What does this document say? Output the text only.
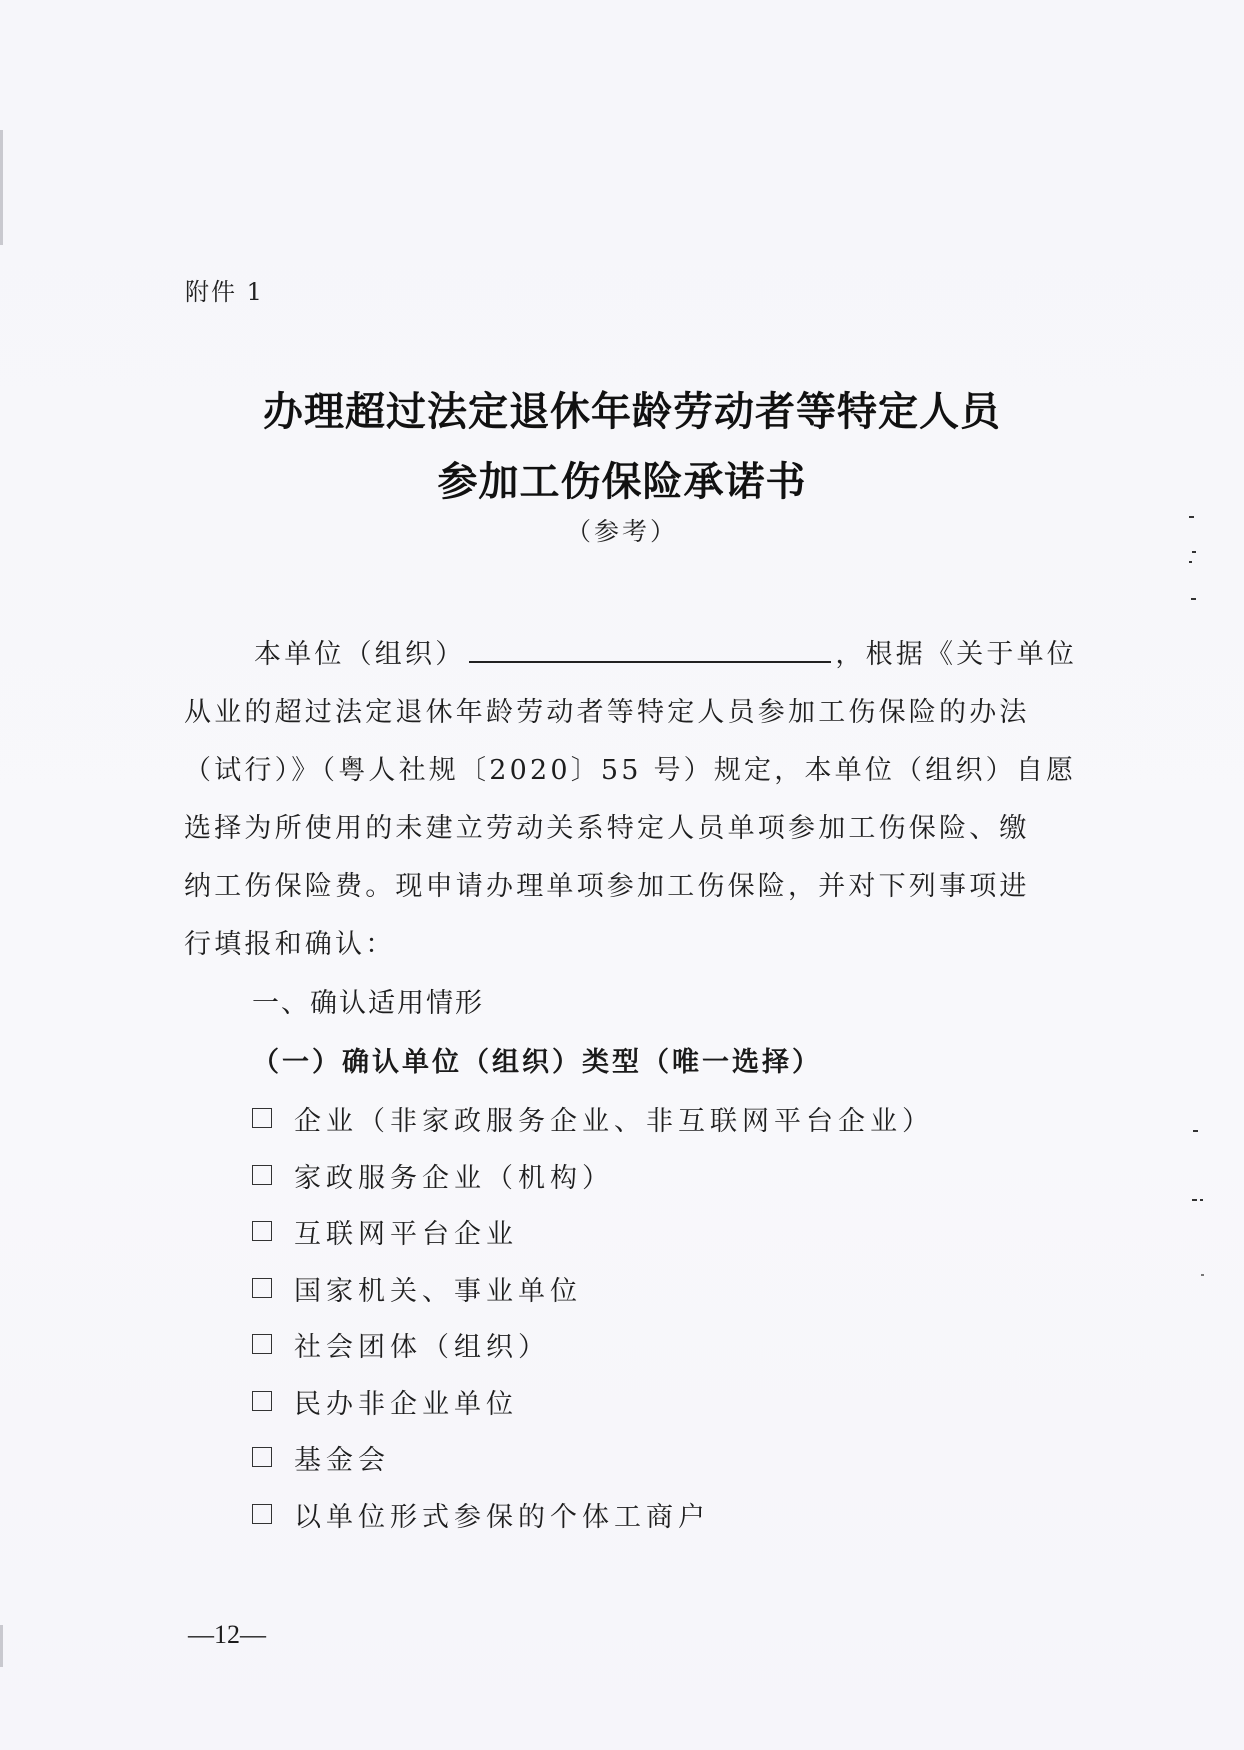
附件 1
办理超过法定退休年龄劳动者等特定人员
参加工伤保险承诺书
（参考）
本单位（组织）	，根据《关于单位
从业的超过法定退休年龄劳动者等特定人员参加工伤保险的办法
（试行）》（粤人社规〔2020〕55 号）规定，本单位（组织）自愿
选择为所使用的未建立劳动关系特定人员单项参加工伤保险、缴
纳工伤保险费。现申请办理单项参加工伤保险，并对下列事项进
行填报和确认：
一、确认适用情形
（一）确认单位（组织）类型（唯一选择）
企业（非家政服务企业、非互联网平台企业）
家政服务企业（机构）
互联网平台企业
国家机关、事业单位
社会团体（组织）
民办非企业单位
基金会
以单位形式参保的个体工商户
—12—
